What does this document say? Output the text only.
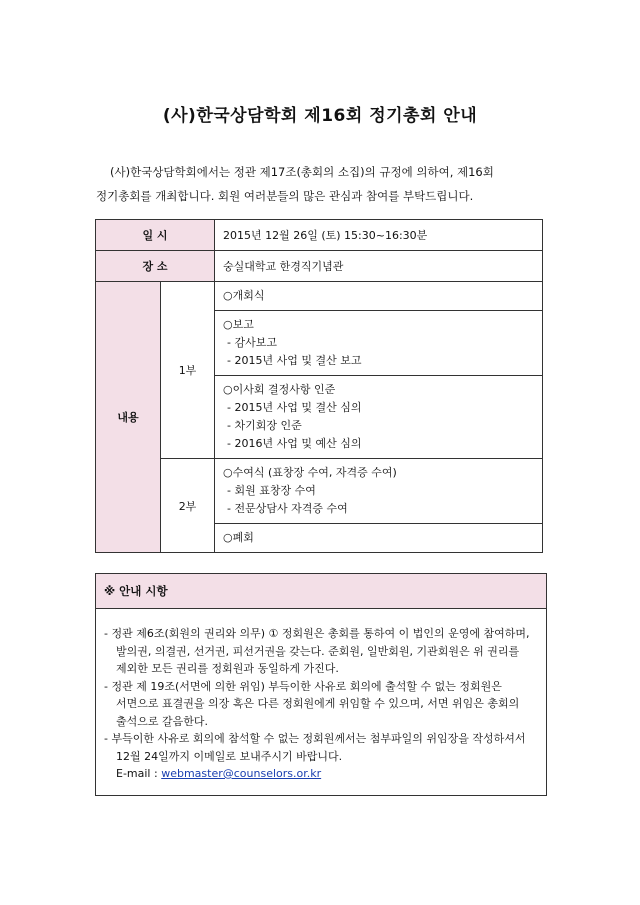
(사)한국상담학회 제16회 정기총회 안내
(사)한국상담학회에서는 정관 제17조(총회의 소집)의 규정에 의하여, 제16회 정기총회를 개최합니다. 회원 여러분들의 많은 관심과 참여를 부탁드립니다.
일 시		2015년 12월 26일 (토) 15:30~16:30분
장 소		숭실대학교 한경직기념관
내용	1부	○개회식

		○보고
- 감사보고
- 2015년 사업 및 결산 보고

		○이사회 결정사항 인준
- 2015년 사업 및 결산 심의
- 차기회장 인준
- 2016년 사업 및 예산 심의

	2부	○수여식 (표창장 수여, 자격증 수여)
- 회원 표창장 수여
- 전문상담사 자격증 수여

		○폐회
※ 안내 시항
- 정관 제6조(회원의 권리와 의무) ① 정회원은 총회를 통하여 이 법인의 운영에 참여하며, 발의권, 의결권, 선거권, 피선거권을 갖는다. 준회원, 일반회원, 기관회원은 위 권리를 제외한 모든 권리를 정회원과 동일하게 가진다.
- 정관 제 19조(서면에 의한 위임) 부득이한 사유로 회의에 출석할 수 없는 정회원은 서면으로 표결권을 의장 혹은 다른 정회원에게 위임할 수 있으며, 서면 위임은 총회의 출석으로 갈음한다.
- 부득이한 사유로 회의에 참석할 수 없는 정회원께서는 첨부파일의 위임장을 작성하셔서 12월 24일까지 이메일로 보내주시기 바랍니다.
E-mail : webmaster@counselors.or.kr
